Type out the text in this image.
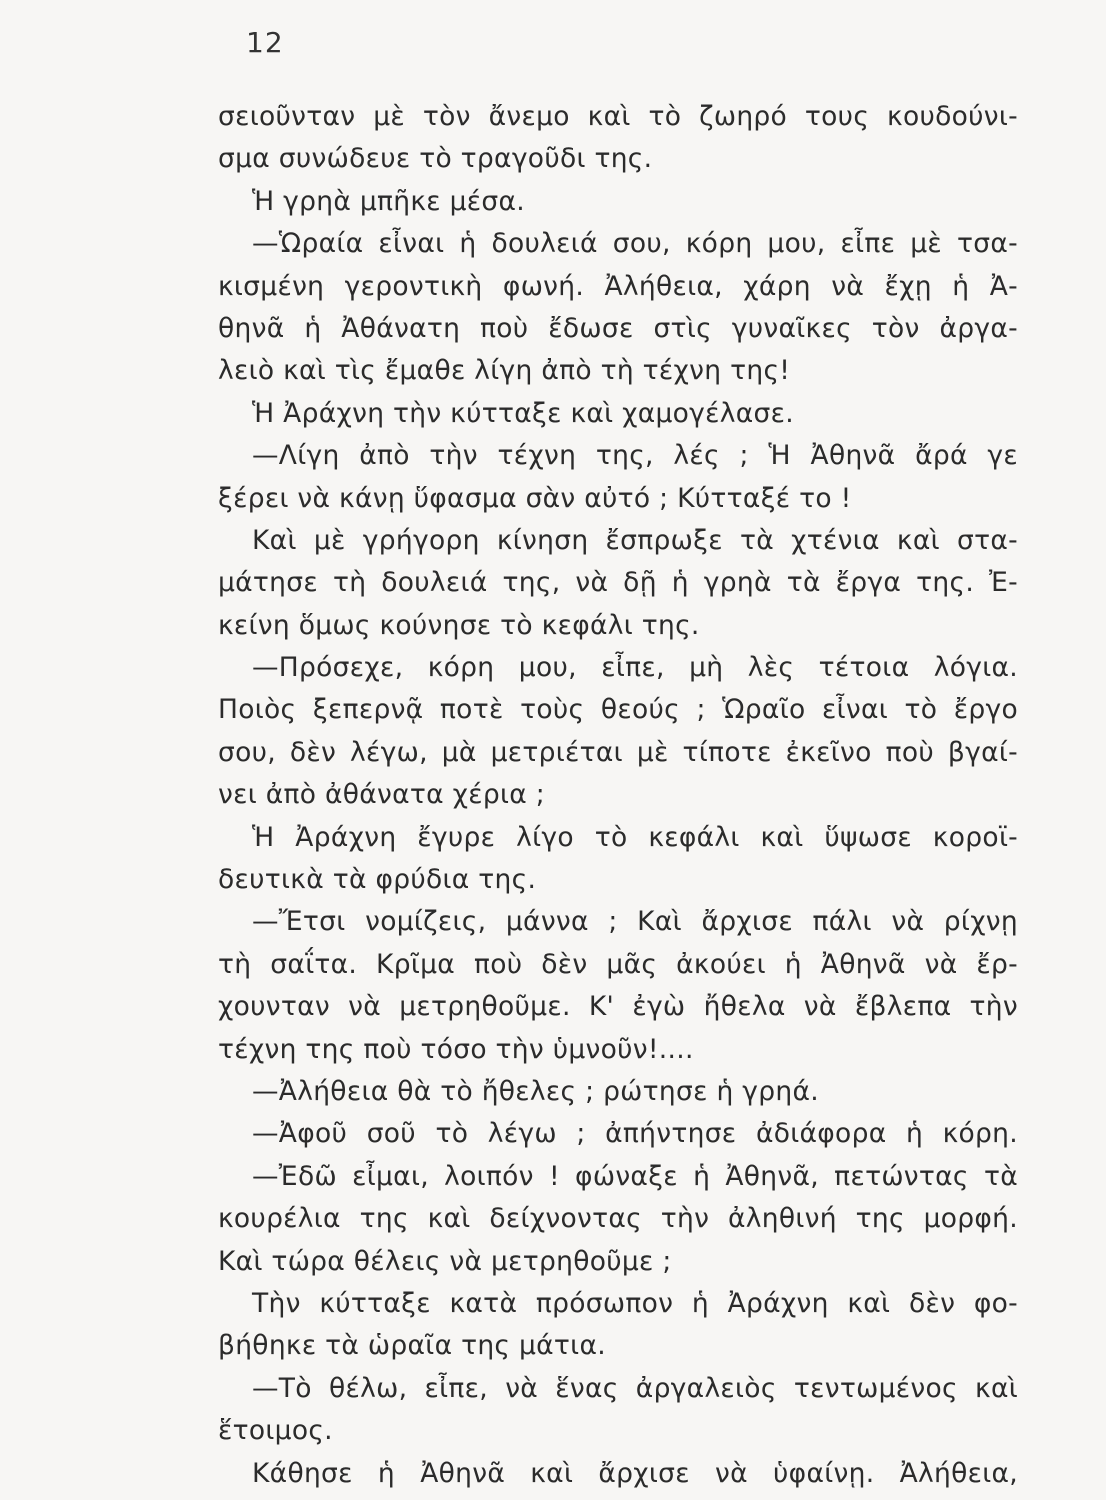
12
σειοῦνταν μὲ τὸν ἄνεμο καὶ τὸ ζωηρό τους κουδούνι-
σμα συνώδευε τὸ τραγοῦδι της.
Ἡ γρηὰ μπῆκε μέσα.
—Ὡραία εἶναι ἡ δουλειά σου, κόρη μου, εἶπε μὲ τσα-
κισμένη γεροντικὴ φωνή. Ἀλήθεια, χάρη νὰ ἔχῃ ἡ Ἀ-
θηνᾶ ἡ Ἀθάνατη ποὺ ἔδωσε στὶς γυναῖκες τὸν ἀργα-
λειὸ καὶ τὶς ἔμαθε λίγη ἀπὸ τὴ τέχνη της!
Ἡ Ἀράχνη τὴν κύτταξε καὶ χαμογέλασε.
—Λίγη ἀπὸ τὴν τέχνη της, λές ; Ἡ Ἀθηνᾶ ἄρά γε
ξέρει νὰ κάνῃ ὕφασμα σὰν αὐτό ; Κύτταξέ το !
Καὶ μὲ γρήγορη κίνηση ἔσπρωξε τὰ χτένια καὶ στα-
μάτησε τὴ δουλειά της, νὰ δῇ ἡ γρηὰ τὰ ἔργα της. Ἐ-
κείνη ὅμως κούνησε τὸ κεφάλι της.
—Πρόσεχε, κόρη μου, εἶπε, μὴ λὲς τέτοια λόγια.
Ποιὸς ξεπερνᾷ ποτὲ τοὺς θεούς ; Ὡραῖο εἶναι τὸ ἔργο
σου, δὲν λέγω, μὰ μετριέται μὲ τίποτε ἐκεῖνο ποὺ βγαί-
νει ἀπὸ ἀθάνατα χέρια ;
Ἡ Ἀράχνη ἔγυρε λίγο τὸ κεφάλι καὶ ὕψωσε κοροϊ-
δευτικὰ τὰ φρύδια της.
—Ἔτσι νομίζεις, μάννα ; Καὶ ἄρχισε πάλι νὰ ρίχνῃ
τὴ σαΐτα. Κρῖμα ποὺ δὲν μᾶς ἀκούει ἡ Ἀθηνᾶ νὰ ἔρ-
χουνταν νὰ μετρηθοῦμε. Κ' ἐγὼ ἤθελα νὰ ἔβλεπα τὴν
τέχνη της ποὺ τόσο τὴν ὑμνοῦν!....
—Ἀλήθεια θὰ τὸ ἤθελες ; ρώτησε ἡ γρηά.
—Ἀφοῦ σοῦ τὸ λέγω ; ἀπήντησε ἀδιάφορα ἡ κόρη.
—Ἐδῶ εἶμαι, λοιπόν ! φώναξε ἡ Ἀθηνᾶ, πετώντας τὰ
κουρέλια της καὶ δείχνοντας τὴν ἀληθινή της μορφή.
Καὶ τώρα θέλεις νὰ μετρηθοῦμε ;
Τὴν κύτταξε κατὰ πρόσωπον ἡ Ἀράχνη καὶ δὲν φο-
βήθηκε τὰ ὡραῖα της μάτια.
—Τὸ θέλω, εἶπε, νὰ ἕνας ἀργαλειὸς τεντωμένος καὶ
ἕτοιμος.
Κάθησε ἡ Ἀθηνᾶ καὶ ἄρχισε νὰ ὑφαίνῃ. Ἀλήθεια,
